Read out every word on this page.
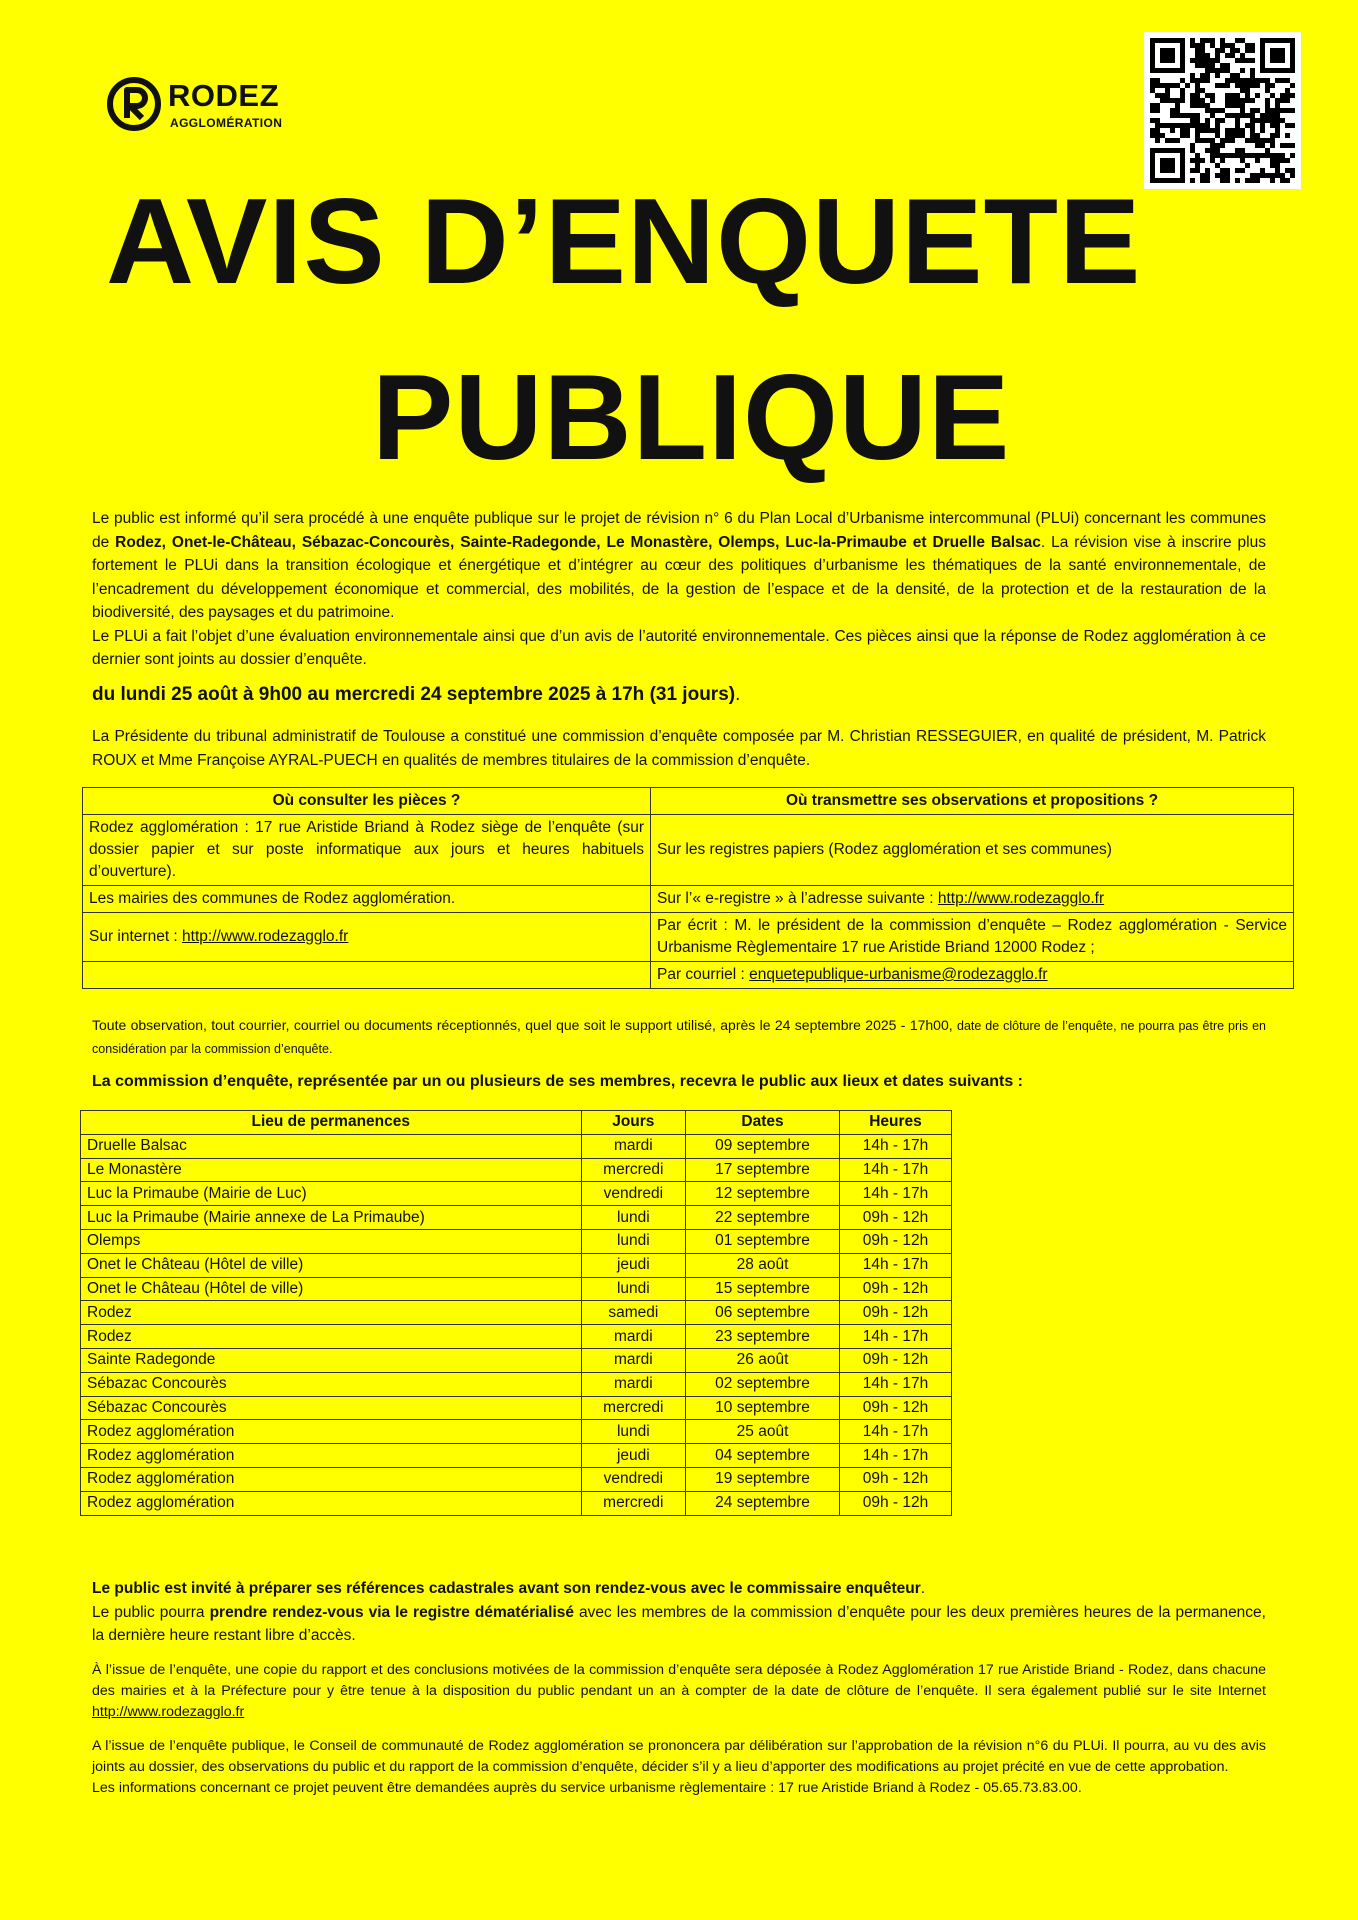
RODEZ
AGGLOMÉRATION
AVIS D’ENQUETE
PUBLIQUE
Le public est informé qu’il sera procédé à une enquête publique sur le projet de révision n° 6 du Plan Local d’Urbanisme intercommunal (PLUi) concernant les communes de Rodez, Onet-le-Château, Sébazac-Concourès, Sainte-Radegonde, Le Monastère, Olemps, Luc-la-Primaube et Druelle Balsac. La révision vise à inscrire plus fortement le PLUi dans la transition écologique et énergétique et d’intégrer au cœur des politiques d’urbanisme les thématiques de la santé environnementale, de l’encadrement du développement économique et commercial, des mobilités, de la gestion de l’espace et de la densité, de la protection et de la restauration de la biodiversité, des paysages et du patrimoine.
Le PLUi a fait l’objet d’une évaluation environnementale ainsi que d’un avis de l’autorité environnementale. Ces pièces ainsi que la réponse de Rodez agglomération à ce dernier sont joints au dossier d’enquête.
du lundi 25 août à 9h00 au mercredi 24 septembre 2025 à 17h (31 jours).
La Présidente du tribunal administratif de Toulouse a constitué une commission d’enquête composée par M. Christian RESSEGUIER, en qualité de président, M. Patrick ROUX et Mme Françoise AYRAL-PUECH en qualités de membres titulaires de la commission d’enquête.
Où consulter les pièces ?	Où transmettre ses observations et propositions ?
Rodez agglomération : 17 rue Aristide Briand à Rodez siège de l’enquête (sur dossier papier et sur poste informatique aux jours et heures habituels d’ouverture).	Sur les registres papiers (Rodez agglomération et ses communes)
Les mairies des communes de Rodez agglomération.	Sur l’« e-registre » à l’adresse suivante : http://www.rodezagglo.fr
Sur internet : http://www.rodezagglo.fr	Par écrit : M. le président de la commission d’enquête – Rodez agglomération - Service Urbanisme Règlementaire 17 rue Aristide Briand 12000 Rodez ;
	Par courriel : enquetepublique-urbanisme@rodezagglo.fr
Toute observation, tout courrier, courriel ou documents réceptionnés, quel que soit le support utilisé, après le 24 septembre 2025 - 17h00, date de clôture de l’enquête, ne pourra pas être pris en considération par la commission d’enquête.
La commission d’enquête, représentée par un ou plusieurs de ses membres, recevra le public aux lieux et dates suivants :
Lieu de permanences	Jours	Dates	Heures
Druelle Balsac	mardi	09 septembre	14h - 17h
Le Monastère	mercredi	17 septembre	14h - 17h
Luc la Primaube (Mairie de Luc)	vendredi	12 septembre	14h - 17h
Luc la Primaube (Mairie annexe de La Primaube)	lundi	22 septembre	09h - 12h
Olemps	lundi	01 septembre	09h - 12h
Onet le Château (Hôtel de ville)	jeudi	28 août	14h - 17h
Onet le Château (Hôtel de ville)	lundi	15 septembre	09h - 12h
Rodez	samedi	06 septembre	09h - 12h
Rodez	mardi	23 septembre	14h - 17h
Sainte Radegonde	mardi	26 août	09h - 12h
Sébazac Concourès	mardi	02 septembre	14h - 17h
Sébazac Concourès	mercredi	10 septembre	09h - 12h
Rodez agglomération	lundi	25 août	14h - 17h
Rodez agglomération	jeudi	04 septembre	14h - 17h
Rodez agglomération	vendredi	19 septembre	09h - 12h
Rodez agglomération	mercredi	24 septembre	09h - 12h
Le public est invité à préparer ses références cadastrales avant son rendez-vous avec le commissaire enquêteur.
Le public pourra prendre rendez-vous via le registre dématérialisé avec les membres de la commission d’enquête pour les deux premières heures de la permanence, la dernière heure restant libre d’accès.
À l’issue de l’enquête, une copie du rapport et des conclusions motivées de la commission d’enquête sera déposée à Rodez Agglomération 17 rue Aristide Briand - Rodez, dans chacune des mairies et à la Préfecture pour y être tenue à la disposition du public pendant un an à compter de la date de clôture de l’enquête. Il sera également publié sur le site Internet http://www.rodezagglo.fr
A l’issue de l’enquête publique, le Conseil de communauté de Rodez agglomération se prononcera par délibération sur l’approbation de la révision n°6 du PLUi. Il pourra, au vu des avis joints au dossier, des observations du public et du rapport de la commission d’enquête, décider s’il y a lieu d’apporter des modifications au projet précité en vue de cette approbation.
Les informations concernant ce projet peuvent être demandées auprès du service urbanisme règlementaire : 17 rue Aristide Briand à Rodez - 05.65.73.83.00.
